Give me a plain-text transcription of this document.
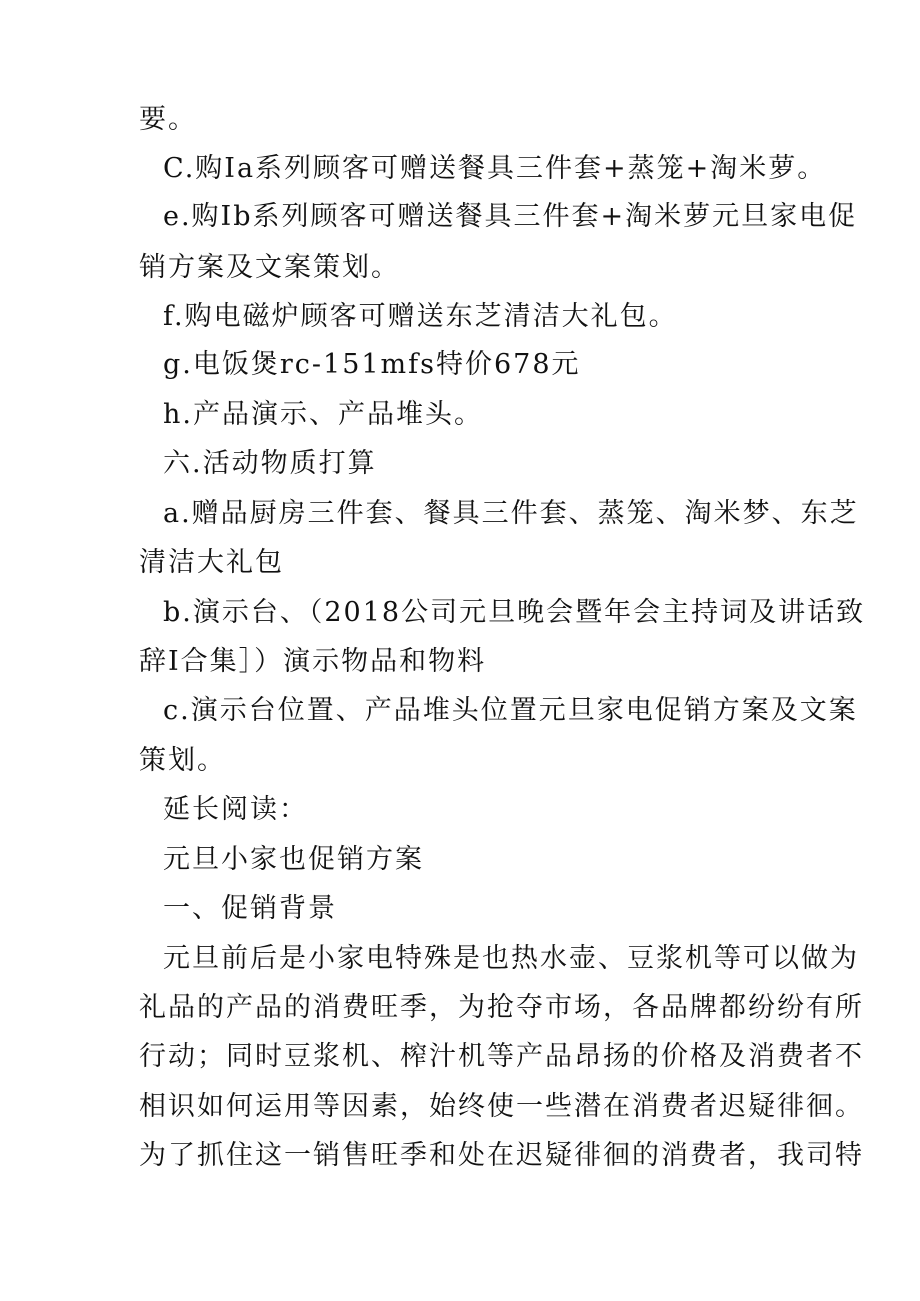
要。
C.购Ia系列顾客可赠送餐具三件套+蒸笼+淘米萝。
e.购Ib系列顾客可赠送餐具三件套+淘米萝元旦家电促
销方案及文案策划。
f.购电磁炉顾客可赠送东芝清洁大礼包。
g.电饭煲rc-151mfs特价678元
h.产品演示、产品堆头。
六.活动物质打算
a.赠品厨房三件套、餐具三件套、蒸笼、淘米梦、东芝
清洁大礼包
b.演示台、（2018公司元旦晚会暨年会主持词及讲话致
辞I合集］）演示物品和物料
c.演示台位置、产品堆头位置元旦家电促销方案及文案
策划。
延长阅读：
元旦小家也促销方案
一、促销背景
元旦前后是小家电特殊是也热水壶、豆浆机等可以做为
礼品的产品的消费旺季，为抢夺市场，各品牌都纷纷有所
行动；同时豆浆机、榨汁机等产品昂扬的价格及消费者不
相识如何运用等因素，始终使一些潜在消费者迟疑徘徊。
为了抓住这一销售旺季和处在迟疑徘徊的消费者，我司特
